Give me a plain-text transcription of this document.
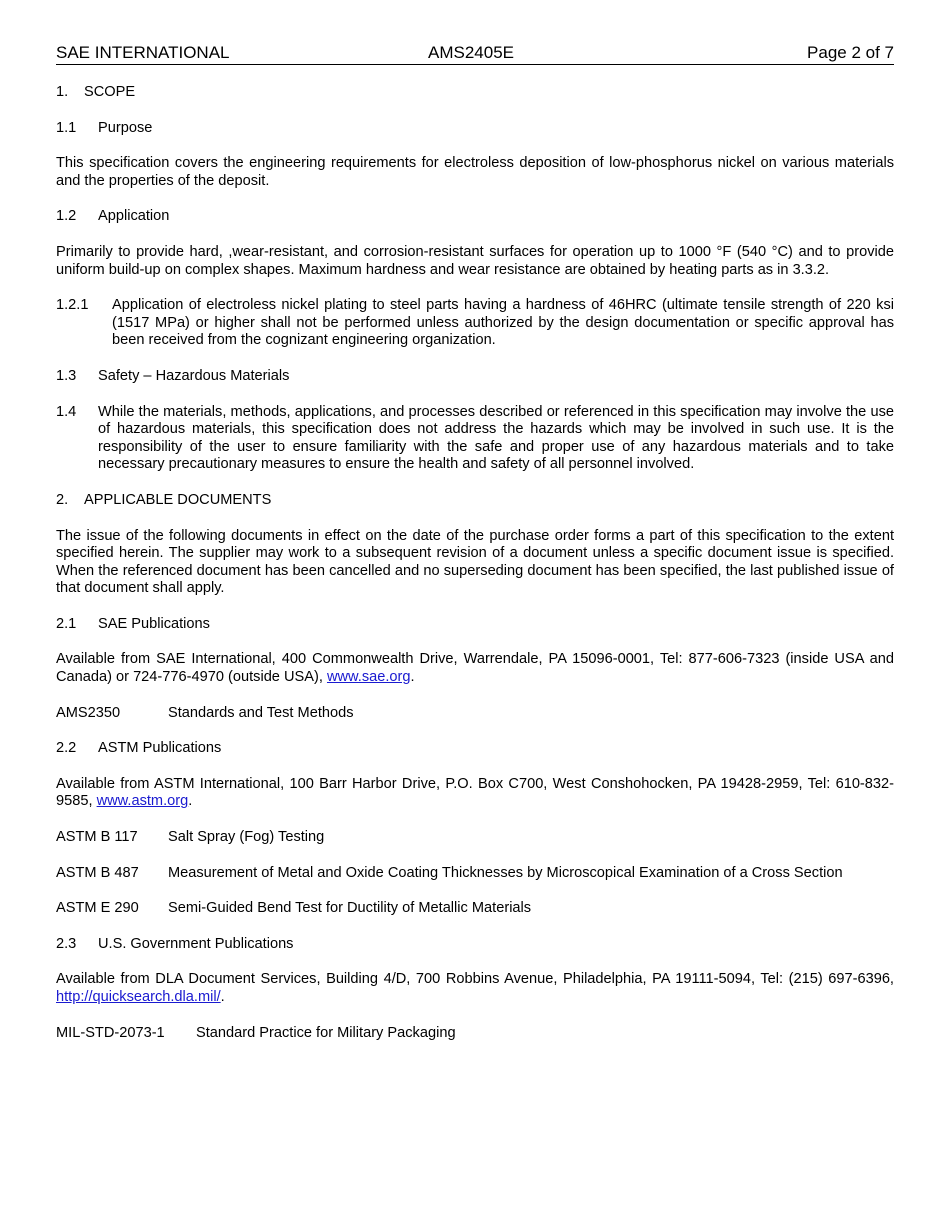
SAE INTERNATIONAL	AMS2405E	Page 2 of 7

1. SCOPE

1.1 Purpose

This specification covers the engineering requirements for electroless deposition of low-phosphorus nickel on various materials and the properties of the deposit.

1.2 Application

Primarily to provide hard, ,wear-resistant, and corrosion-resistant surfaces for operation up to 1000 °F (540 °C) and to provide uniform build-up on complex shapes. Maximum hardness and wear resistance are obtained by heating parts as in 3.3.2.

1.2.1 Application of electroless nickel plating to steel parts having a hardness of 46HRC (ultimate tensile strength of 220 ksi (1517 MPa) or higher shall not be performed unless authorized by the design documentation or specific approval has been received from the cognizant engineering organization.

1.3 Safety – Hazardous Materials

1.4 While the materials, methods, applications, and processes described or referenced in this specification may involve the use of hazardous materials, this specification does not address the hazards which may be involved in such use. It is the responsibility of the user to ensure familiarity with the safe and proper use of any hazardous materials and to take necessary precautionary measures to ensure the health and safety of all personnel involved.

2. APPLICABLE DOCUMENTS

The issue of the following documents in effect on the date of the purchase order forms a part of this specification to the extent specified herein. The supplier may work to a subsequent revision of a document unless a specific document issue is specified. When the referenced document has been cancelled and no superseding document has been specified, the last published issue of that document shall apply.

2.1 SAE Publications

Available from SAE International, 400 Commonwealth Drive, Warrendale, PA 15096-0001, Tel: 877-606-7323 (inside USA and Canada) or 724-776-4970 (outside USA), www.sae.org.

AMS2350	Standards and Test Methods

2.2 ASTM Publications

Available from ASTM International, 100 Barr Harbor Drive, P.O. Box C700, West Conshohocken, PA 19428-2959, Tel: 610-832-9585, www.astm.org.

ASTM B 117 Salt Spray (Fog) Testing

ASTM B 487 Measurement of Metal and Oxide Coating Thicknesses by Microscopical Examination of a Cross Section

ASTM E 290 Semi-Guided Bend Test for Ductility of Metallic Materials

2.3 U.S. Government Publications

Available from DLA Document Services, Building 4/D, 700 Robbins Avenue, Philadelphia, PA 19111-5094, Tel: (215) 697-6396, http://quicksearch.dla.mil/.

MIL-STD-2073-1 Standard Practice for Military Packaging
